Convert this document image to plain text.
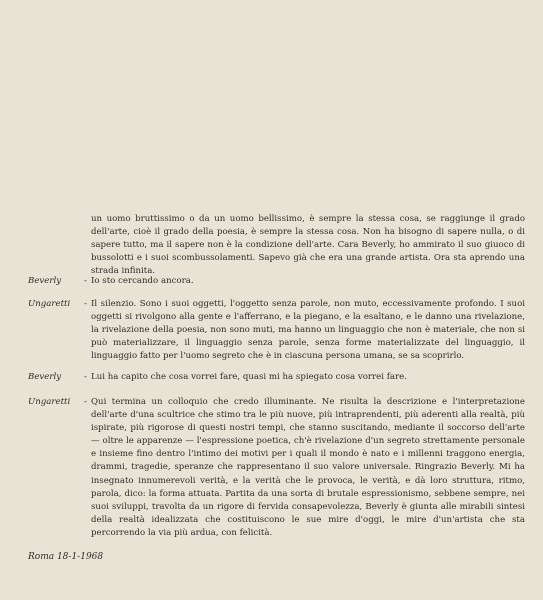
un uomo bruttissimo o da un uomo bellissimo, è sempre la stessa cosa, se raggiunge il grado dell'arte, cioè il grado della poesia, è sempre la stessa cosa. Non ha bisogno di sapere nulla, o di sapere tutto, ma il sapere non è la condizione dell'arte. Cara Beverly, ho ammirato il suo giuoco di bussolotti e i suoi scombussolamenti. Sapevo già che era una grande artista. Ora sta aprendo una strada infinita.
Beverly	- Io sto cercando ancora.
Ungaretti	- Il silenzio. Sono i suoi oggetti, l'oggetto senza parole, non muto, eccessivamente profondo. I suoi oggetti si rivolgono alla gente e l'afferrano, e la piegano, e la esaltano, e le danno una rivelazione, la rivelazione della poesia, non sono muti, ma hanno un linguaggio che non è materiale, che non si può materializzare, il linguaggio senza parole, senza forme materializzate del linguaggio, il linguaggio fatto per l'uomo segreto che è in ciascuna persona umana, se sa scoprirlo.
Beverly	- Lui ha capito che cosa vorrei fare, quasi mi ha spiegato cosa vorrei fare.
Ungaretti	- Qui termina un colloquio che credo illuminante. Ne risulta la descrizione e l'interpretazione dell'arte d'una scultrice che stimo tra le più nuove, più intraprendenti, più aderenti alla realtà, più ispirate, più rigorose di questi nostri tempi, che stanno suscitando, mediante il soccorso dell'arte — oltre le apparenze — l'espressione poetica, ch'è rivelazione d'un segreto strettamente personale e insieme fino dentro l'intimo dei motivi per i quali il mondo è nato e i millenni traggono energia, drammi, tragedie, speranze che rappresentano il suo valore universale. Ringrazio Beverly. Mi ha insegnato innumerevoli verità, e la verità che le provoca, le verità, e dà loro struttura, ritmo, parola, dico: la forma attuata. Partita da una sorta di brutale espressionismo, sebbene sempre, nei suoi sviluppi, travolta da un rigore di fervida consapevolezza, Beverly è giunta alle mirabili sintesi della realtà idealizzata che costituiscono le sue mire d'oggi, le mire d'un'artista che sta percorrendo la via più ardua, con felicità.
Roma 18-1-1968
